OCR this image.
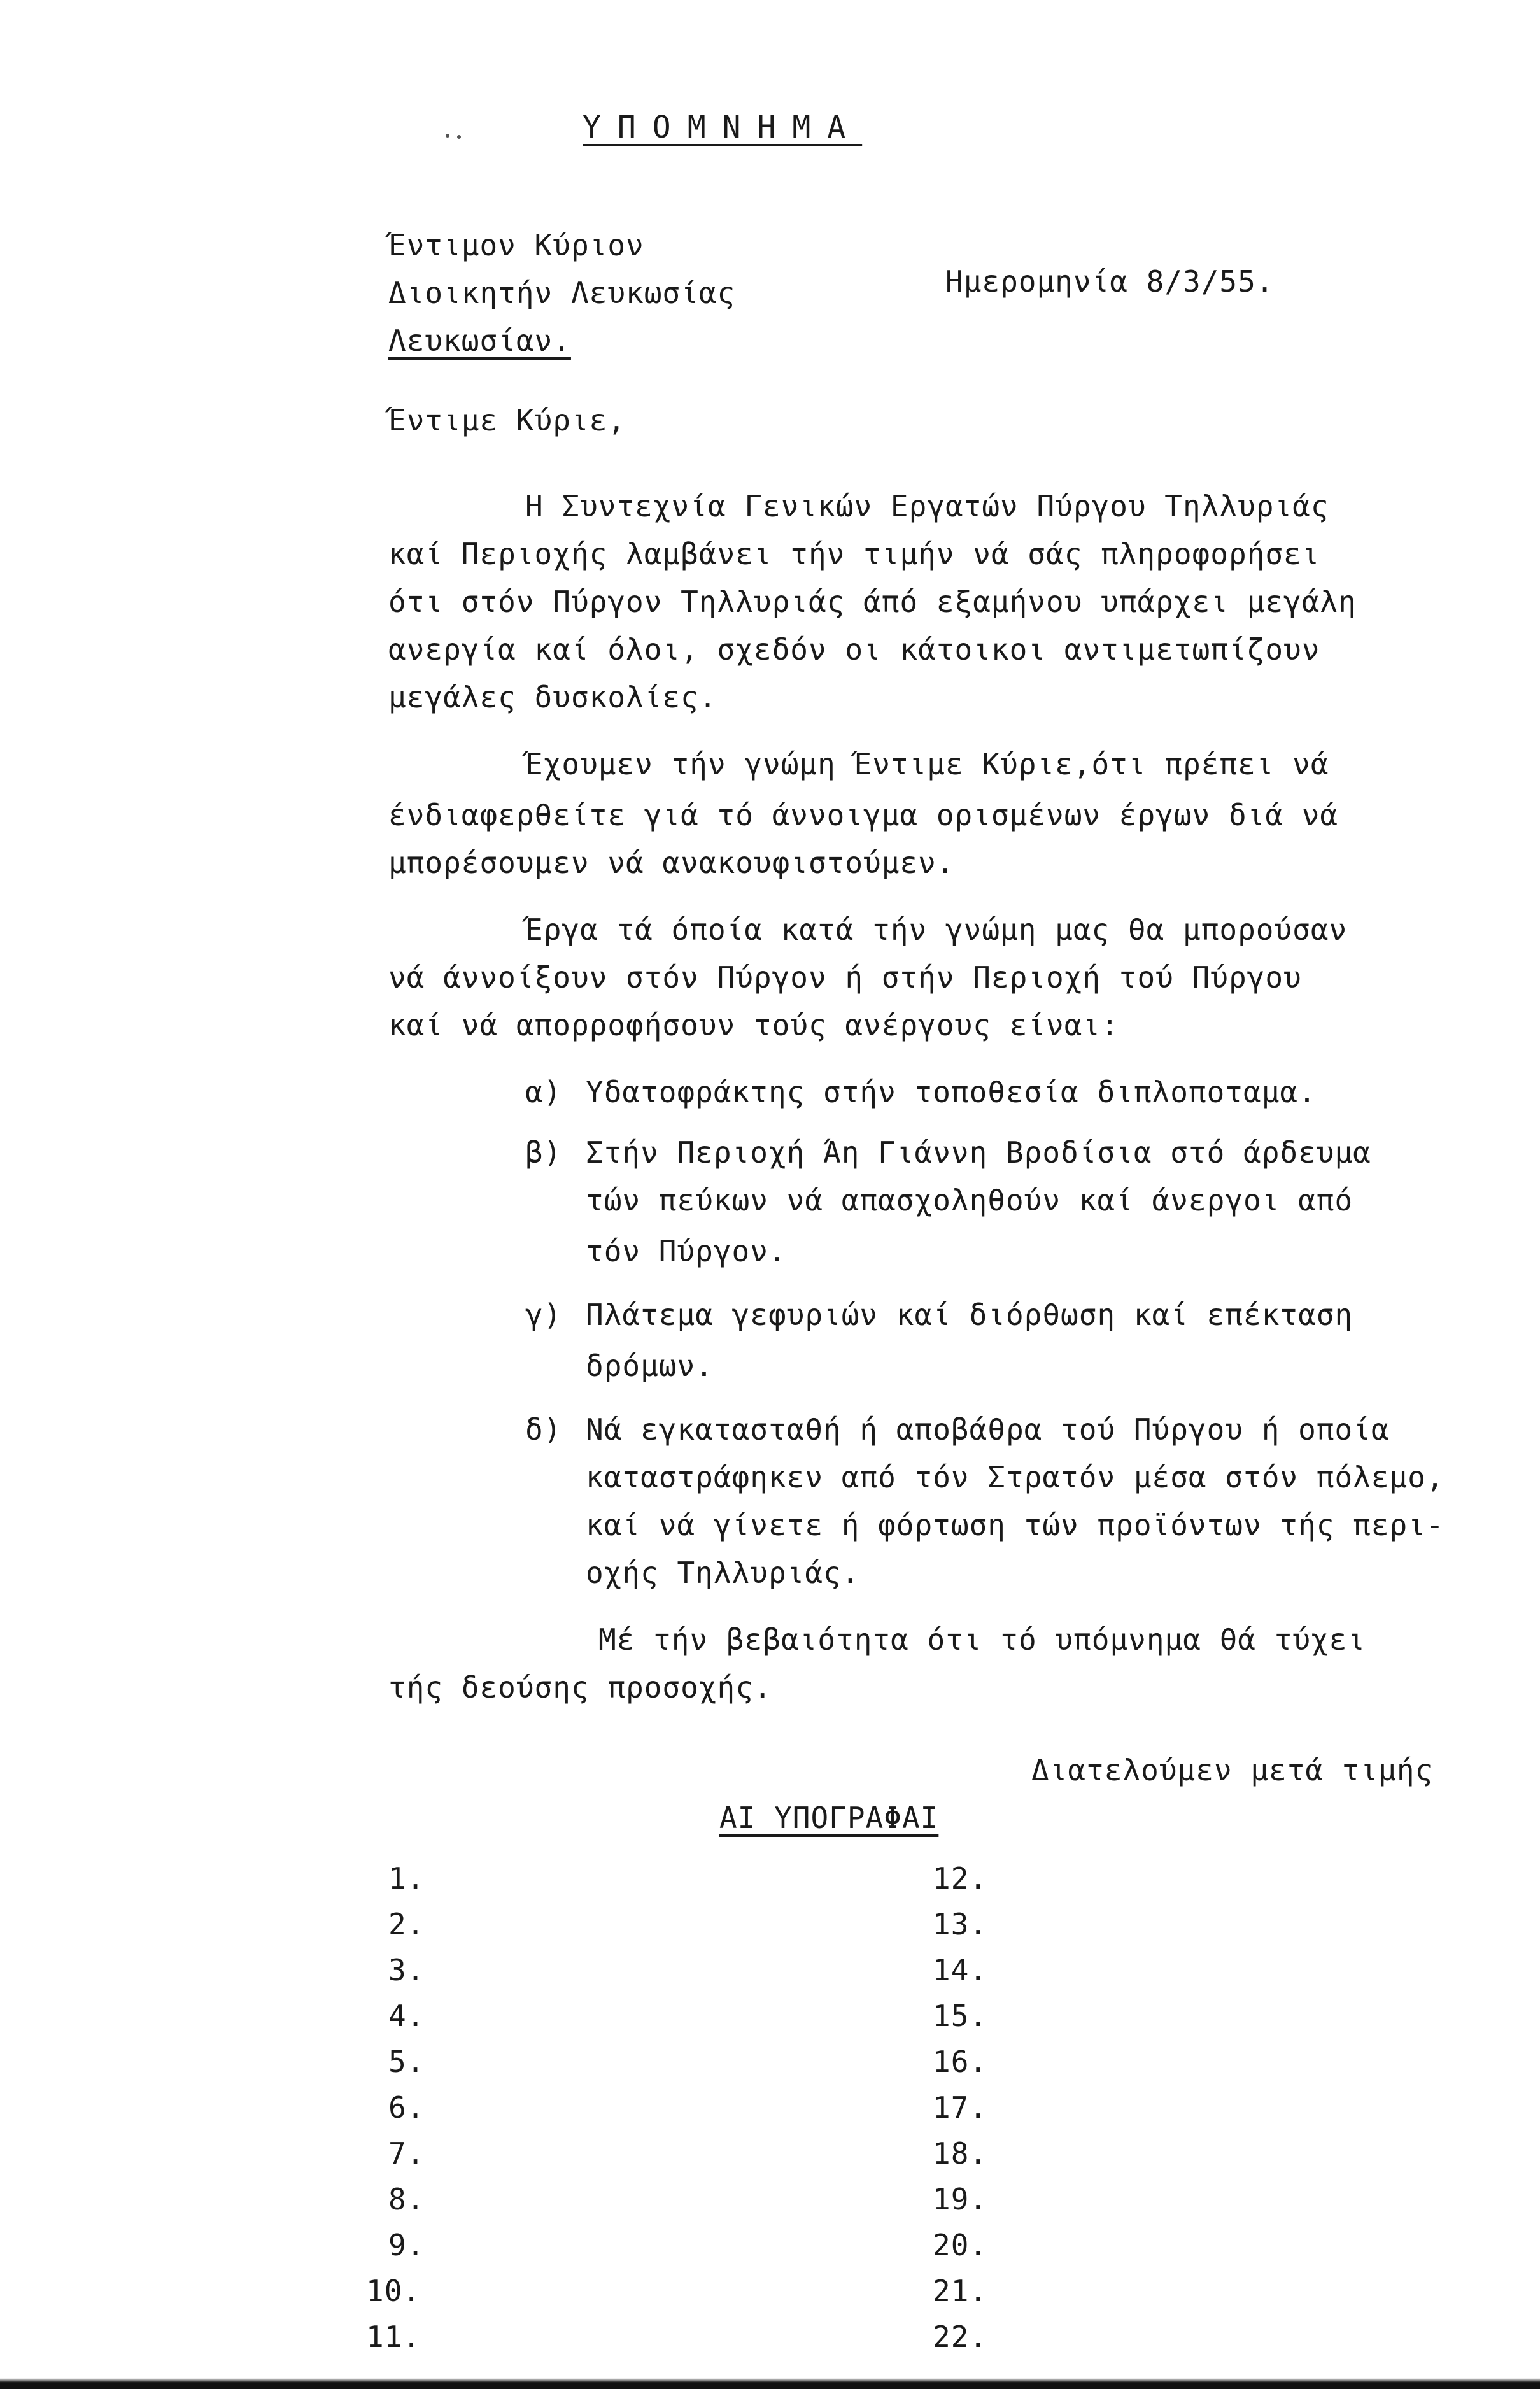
ΥΠΟΜΝΗΜΑ
Έντιμον Κύριον
Διοικητήν Λευκωσίας
Λευκωσίαν.
Ημερομηνία 8/3/55.
Έντιμε Κύριε,
Η Συντεχνία Γενικών Εργατών Πύργου Τηλλυριάς
καί Περιοχής λαμβάνει τήν τιμήν νά σάς πληροφορήσει
ότι στόν Πύργον Τηλλυριάς άπό εξαμήνου υπάρχει μεγάλη
ανεργία καί όλοι, σχεδόν οι κάτοικοι αντιμετωπίζουν
μεγάλες δυσκολίες.
Έχουμεν τήν γνώμη Έντιμε Κύριε,ότι πρέπει νά
ένδιαφερθείτε γιά τό άννοιγμα ορισμένων έργων διά νά
μπορέσουμεν νά ανακουφιστούμεν.
Έργα τά όποία κατά τήν γνώμη μας θα μπορούσαν
νά άννοίξουν στόν Πύργον ή στήν Περιοχή τού Πύργου
καί νά απορροφήσουν τούς ανέργους είναι:
α) Υδατοφράκτης στήν τοποθεσία διπλοποταμα.
β) Στήν Περιοχή Άη Γιάννη Βροδίσια στό άρδευμα
τών πεύκων νά απασχοληθούν καί άνεργοι από
τόν Πύργον.
γ) Πλάτεμα γεφυριών καί διόρθωση καί επέκταση
δρόμων.
δ) Νά εγκατασταθή ή αποβάθρα τού Πύργου ή οποία
καταστράφηκεν από τόν Στρατόν μέσα στόν πόλεμο,
καί νά γίνετε ή φόρτωση τών προϊόντων τής περι-
οχής Τηλλυριάς.
Μέ τήν βεβαιότητα ότι τό υπόμνημα θά τύχει
τής δεούσης προσοχής.
Διατελούμεν μετά τιμής
ΑΙ ΥΠΟΓΡΑΦΑΙ
1.
2.
3.
4.
5.
6.
7.
8.
9.
10.
11.
12.
13.
14.
15.
16.
17.
18.
19.
20.
21.
22.
